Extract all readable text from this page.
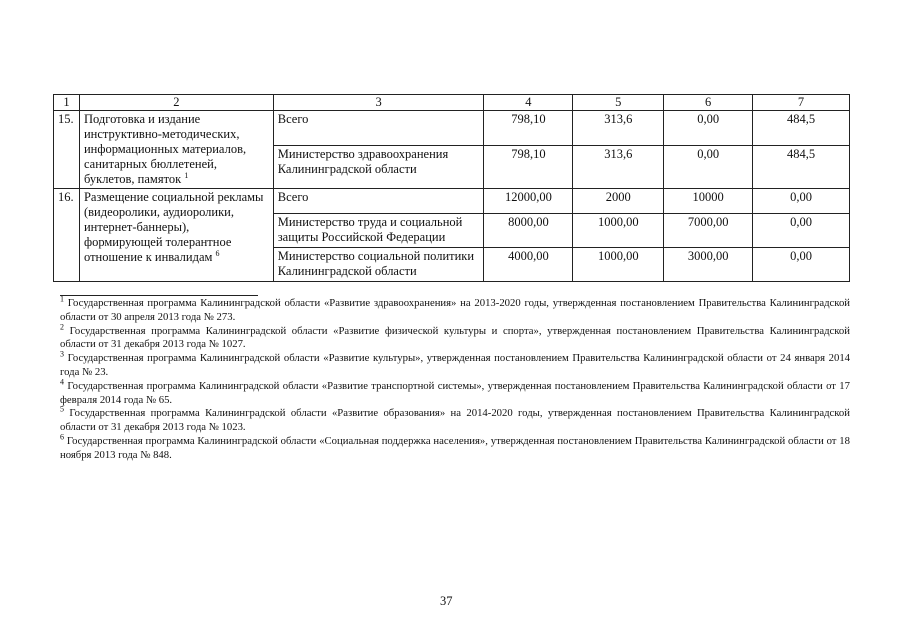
1	2	3	4	5	6	7
15.	Подготовка и издание инструктивно-методических, информационных материалов, санитарных бюллетеней, буклетов, памяток $^1$	Всего	798,10	313,6	0,00	484,5
		Министерство здравоохранения Калининградской области	798,10	313,6	0,00	484,5
16.	Размещение социальной рекламы (видеоролики, аудиоролики, интернет-баннеры), формирующей толерантное отношение к инвалидам $^6$	Всего	12000,00	2000	10000	0,00
		Министерство труда и социальной защиты Российской Федерации	8000,00	1000,00	7000,00	0,00
		Министерство социальной политики Калининградской области	4000,00	1000,00	3000,00	0,00

$^1$ Государственная программа Калининградской области «Развитие здравоохранения» на 2013-2020 годы, утвержденная постановлением Правительства Калининградской области от 30 апреля 2013 года № 273.

$^2$ Государственная программа Калининградской области «Развитие физической культуры и спорта», утвержденная постановлением Правительства Калининградской области от 31 декабря 2013 года № 1027.

$^3$ Государственная программа Калининградской области «Развитие культуры», утвержденная постановлением Правительства Калининградской области от 24 января 2014 года № 23.

$^4$ Государственная программа Калининградской области «Развитие транспортной системы», утвержденная постановлением Правительства Калининградской области от 17 февраля 2014 года № 65.

$^5$ Государственная программа Калининградской области «Развитие образования» на 2014-2020 годы, утвержденная постановлением Правительства Калининградской области от 31 декабря 2013 года № 1023.

$^6$ Государственная программа Калининградской области «Социальная поддержка населения», утвержденная постановлением Правительства Калининградской области от 18 ноября 2013 года № 848.

37
